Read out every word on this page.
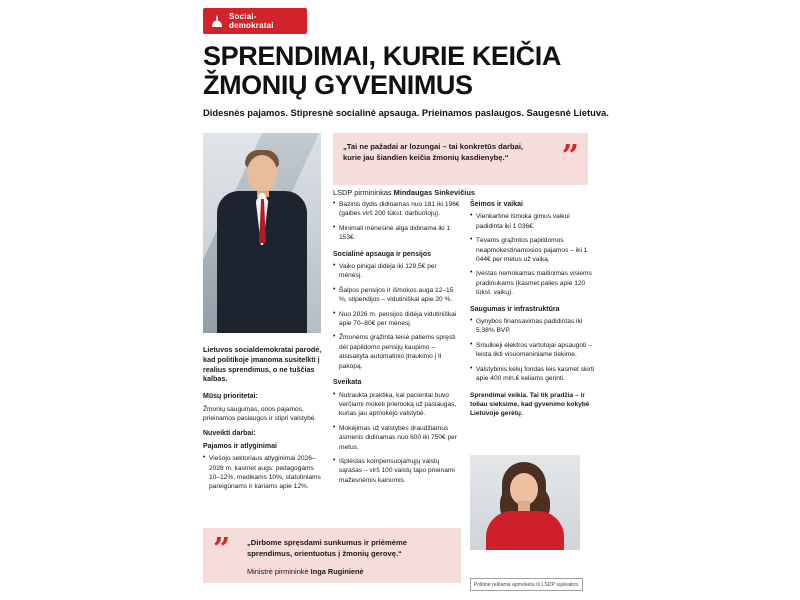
Social-
demokratai
SPRENDIMAI, KURIE KEIČIA ŽMONIŲ GYVENIMUS
Didesnės pajamos. Stipresnė socialinė apsauga. Prieinamos paslaugos. Saugesnė Lietuva.
„Tai ne pažadai ar lozungai – tai konkretūs darbai, kurie jau šiandien keičia žmonių kasdienybę.“	”
LSDP pirmininkas Mindaugas Sinkevičius
• Bazinis dydis didinamas nuo 181 iki 196€ (gaibes virš 200 tūkst. darbuotojų).
• Minimali mėnesinė alga didinama iki 1 153€.
Socialinė apsauga ir pensijos
• Vaiko pinigai didėja iki 129,5€ per mėnesį.
• Šalpos pensijos ir išmokos auga 12–15 %, stipendijos – vidutiniškai apie 20 %.
• Nuo 2026 m. pensijos didėja vidutiniškai apie 70–80€ per mėnesį.
• Žmonėms grąžinta teisė patiems spręsti dėl papildomo pensijų kaupimo – atsisakyta automatinio įtraukimo į II pakopą.
Sveikata
• Nutraukta praktika, kai pacientai buvo verčiami mokėti priemoką už paslaugas, kurias jau apmokėjo valstybė.
• Mokėjimas už valstybės draudžiamus asmenis didinamas nuo 600 iki 750€ per metus.
• Išplėstas kompensuojamųjų vaistų sąrašas – virš 100 vaistų tapo prieinami mažesnėmis kainomis.
Šeimos ir vaikai
• Vienkartinė išmoka gimus vaikui padidinta iki 1 036€.
• Tėvams grąžintos papildomos neapmokestinamosios pajamos – iki 1 044€ per metus už vaiką.
• Įvestas nemokamas maitinimas visiems pradinukams (kasmet palies apie 120 tūkst. vaikų).
Saugumas ir infrastruktūra
• Gynybos finansavimas padidintas iki 5,38% BVP.
• Smulkieji elektros vartotojai apsaugoti – leista likti visuomeniniame tiekime.
• Valstybinis kelių fondas leis kasmet skirti apie 400 mln.€ keliams gerinti.

Sprendimai veikia. Tai tik pradžia – ir toliau sieksime, kad gyvenimo kokybė Lietuvoje gerėtų.

Lietuvos socialdemokratai parodė, kad politikoje įmanoma susitelkti į realius sprendimus, o ne tuščias kalbas.
Mūsų prioritetai:

Žmonių saugumas, orios pajamos, prieinamos paslaugos ir stipri valstybė.

Nuveikti darbai:
Pajamos ir atlyginimai
• Viešojo sektoriaus atlyginimai 2026–2028 m. kasmet augs: pedagogams 10–12%, medikams 10%, statutiniams pareigūnams ir kariams apie 12%.
” „Dirbome spręsdami sunkumus ir priėmėme sprendimus, orientuotus į žmonių gerovę.“
Ministrė pirmininkė Inga Ruginienė
Politinė reklama apmokėta iš LSDP sąskaitos.
